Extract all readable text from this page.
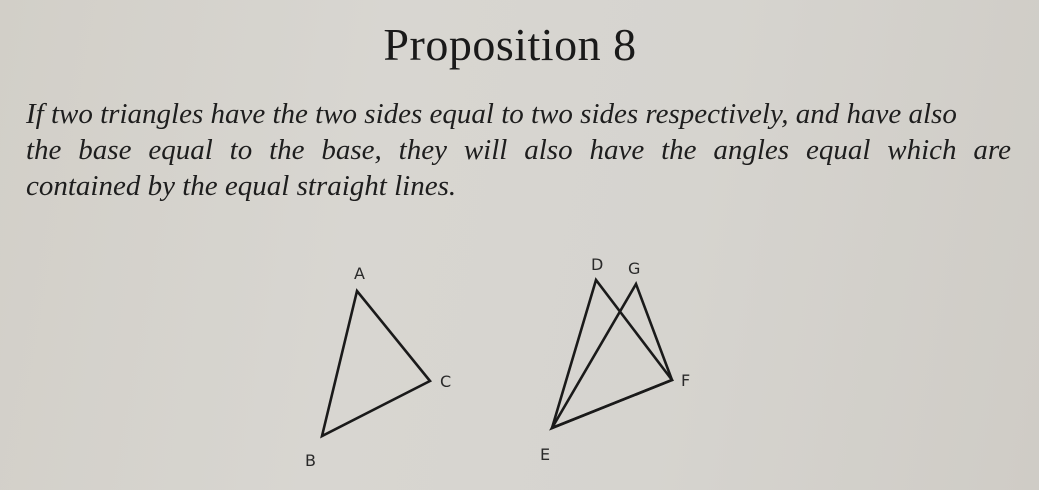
Proposition 8
If two triangles have the two sides equal to two sides respectively, and have also
the base equal to the base, they will also have the angles equal which are
contained by the equal straight lines.
A
B
C
D G
E
F
